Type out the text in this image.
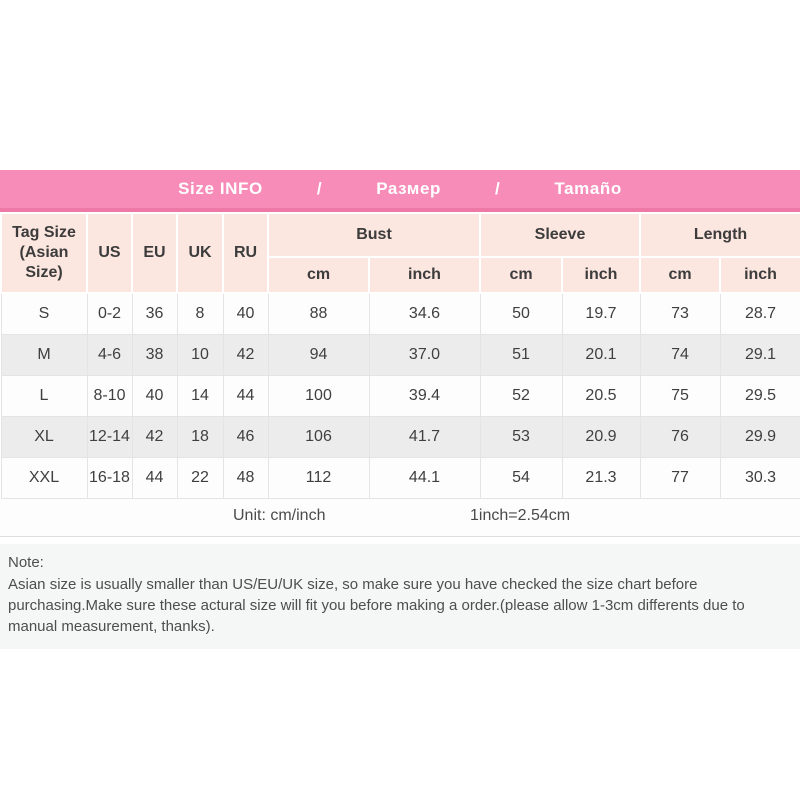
Size INFO	/	Размер	/	Tamaño
Tag Size
(Asian Size)	US	EU	UK	RU	Bust		Sleeve		Length	
					cm	inch	cm	inch	cm	inch
S	0-2	36	8	40	88	34.6	50	19.7	73	28.7
M	4-6	38	10	42	94	37.0	51	20.1	74	29.1
L	8-10	40	14	44	100	39.4	52	20.5	75	29.5
XL	12-14	42	18	46	106	41.7	53	20.9	76	29.9
XXL	16-18	44	22	48	112	44.1	54	21.3	77	30.3
Unit: cm/inch	1inch=2.54cm
Note:
Asian size is usually smaller than US/EU/UK size, so make sure you have checked the size chart before purchasing.Make sure these actural size will fit you before making a order.(please allow 1-3cm differents due to manual measurement, thanks).
